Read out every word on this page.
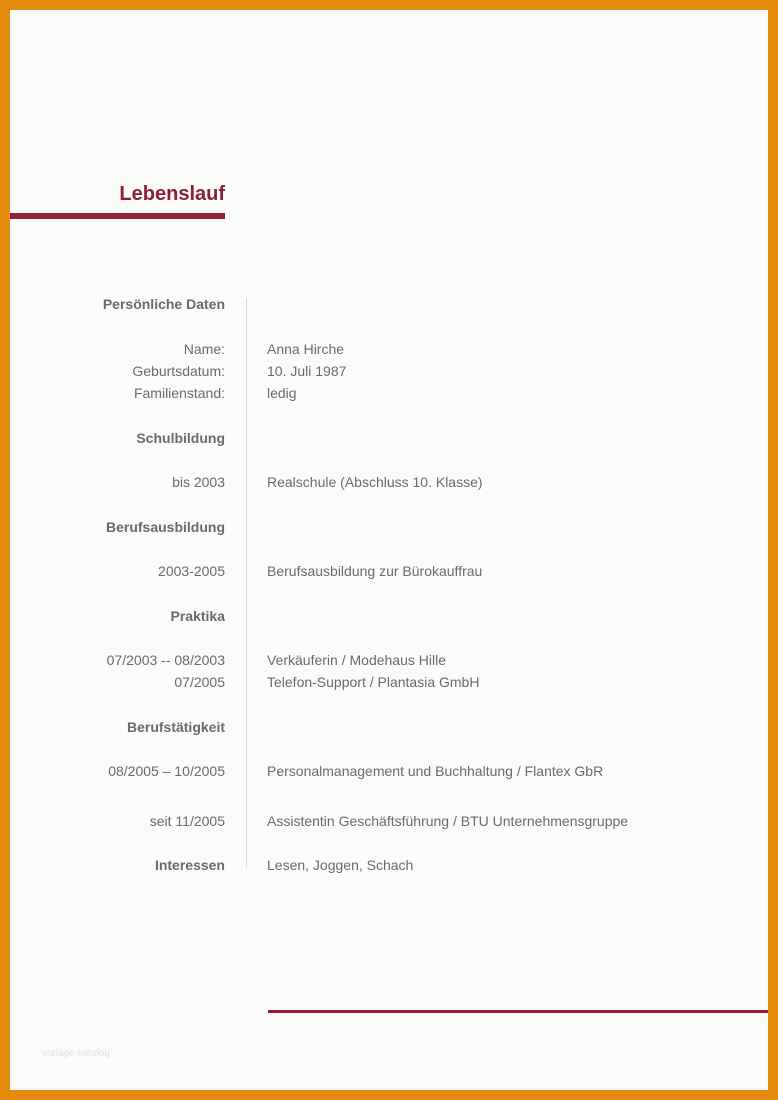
Lebenslauf
Persönliche Daten
Name:	Anna Hirche
Geburtsdatum:	10. Juli 1987
Familienstand:	ledig
Schulbildung
bis 2003	Realschule (Abschluss 10. Klasse)
Berufsausbildung
2003-2005	Berufsausbildung zur Bürokauffrau
Praktika
07/2003 -- 08/2003	Verkäuferin / Modehaus Hille
07/2005	Telefon-Support / Plantasia GmbH
Berufstätigkeit
08/2005 – 10/2005	Personalmanagement und Buchhaltung / Flantex GbR
seit 11/2005	Assistentin Geschäftsführung / BTU Unternehmensgruppe
Interessen	Lesen, Joggen, Schach
vorlage katalog
